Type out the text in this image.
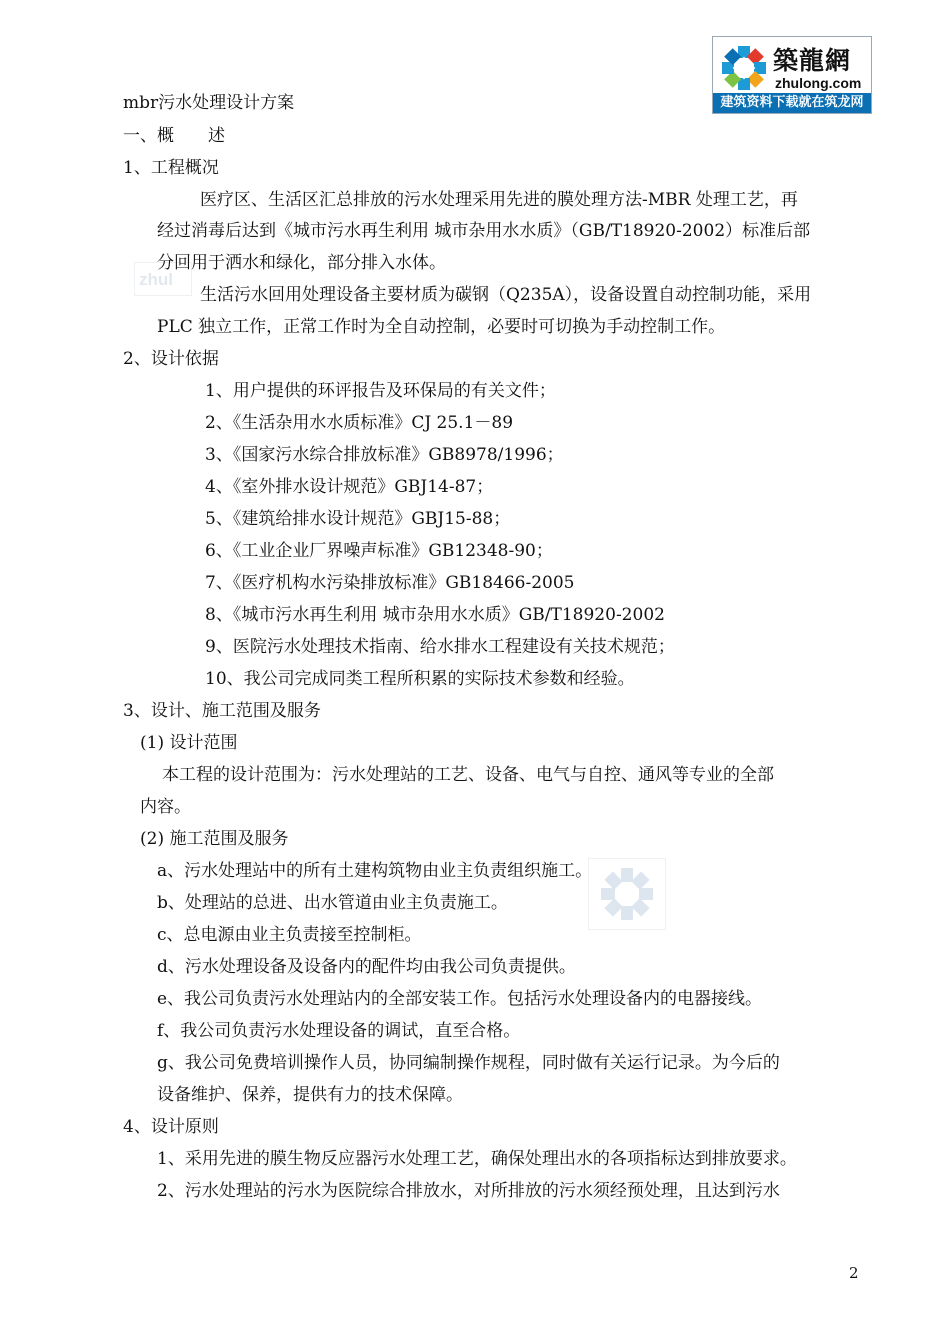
築龍網
zhulong.com
建筑资料下载就在筑龙网
zhul
mbr污水处理设计方案
一、概　　述
1、工程概况
医疗区、生活区汇总排放的污水处理采用先进的膜处理方法-MBR 处理工艺，再
经过消毒后达到《城市污水再生利用 城市杂用水水质》（GB/T18920-2002）标准后部
分回用于洒水和绿化，部分排入水体。
生活污水回用处理设备主要材质为碳钢（Q235A），设备设置自动控制功能，采用
PLC 独立工作，正常工作时为全自动控制，必要时可切换为手动控制工作。
2、设计依据
1、用户提供的环评报告及环保局的有关文件；
2、《生活杂用水水质标准》CJ 25.1－89
3、《国家污水综合排放标准》GB8978/1996；
4、《室外排水设计规范》GBJ14-87；
5、《建筑给排水设计规范》GBJ15-88；
6、《工业企业厂界噪声标准》GB12348-90；
7、《医疗机构水污染排放标准》GB18466-2005
8、《城市污水再生利用 城市杂用水水质》GB/T18920-2002
9、医院污水处理技术指南、给水排水工程建设有关技术规范；
10、我公司完成同类工程所积累的实际技术参数和经验。
3、设计、施工范围及服务
(1) 设计范围
本工程的设计范围为：污水处理站的工艺、设备、电气与自控、通风等专业的全部
内容。
(2) 施工范围及服务
a、污水处理站中的所有土建构筑物由业主负责组织施工。
b、处理站的总进、出水管道由业主负责施工。
c、总电源由业主负责接至控制柜。
d、污水处理设备及设备内的配件均由我公司负责提供。
e、我公司负责污水处理站内的全部安装工作。包括污水处理设备内的电器接线。
f、我公司负责污水处理设备的调试，直至合格。
g、我公司免费培训操作人员，协同编制操作规程，同时做有关运行记录。为今后的
设备维护、保养，提供有力的技术保障。
4、设计原则
1、采用先进的膜生物反应器污水处理工艺，确保处理出水的各项指标达到排放要求。
2、污水处理站的污水为医院综合排放水，对所排放的污水须经预处理，且达到污水
2
